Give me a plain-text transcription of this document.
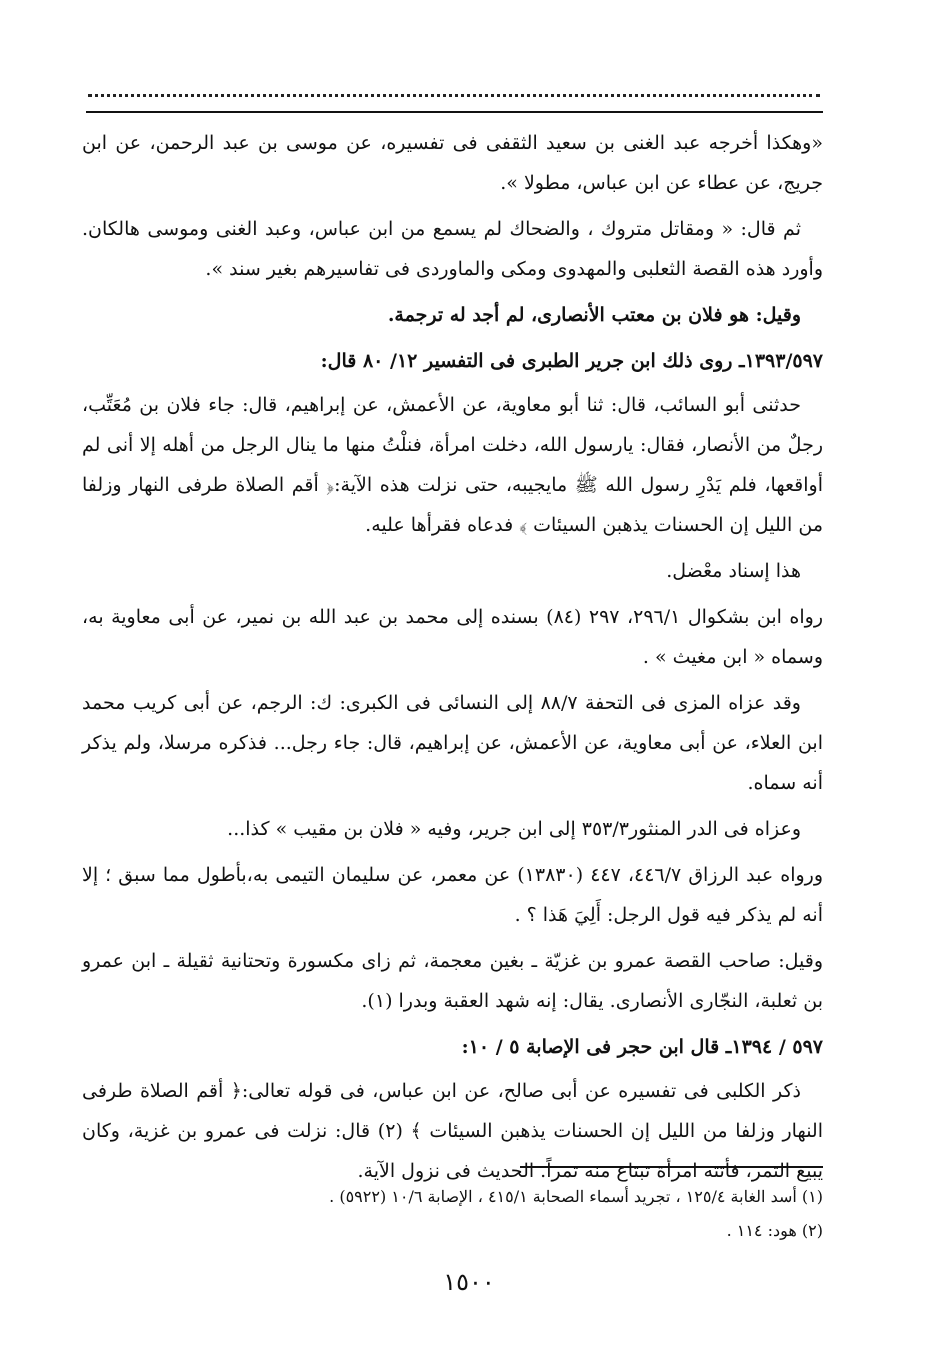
«وهكذا أخرجه عبد الغنى بن سعيد الثقفى فى تفسيره، عن موسى بن عبد الرحمن، عن ابن جريج، عن عطاء عن ابن عباس، مطولا ».

ثم قال: « ومقاتل متروك ، والضحاك لم يسمع من ابن عباس، وعبد الغنى وموسى هالكان. وأورد هذه القصة الثعلبى والمهدوى ومكى والماوردى فى تفاسيرهم بغير سند ».

وقيل: هو فلان بن معتب الأنصارى، لم أجد له ترجمة.

١٣٩٣/٥٩٧ـ روى ذلك ابن جرير الطبرى فى التفسير ١٢/ ٨٠ قال:

حدثنى أبو السائب، قال: ثنا أبو معاوية، عن الأعمش، عن إبراهيم، قال: جاء فلان بن مُعَتِّب، رجلٌ من الأنصار، فقال: يارسول الله، دخلت امرأة، فنلْتُ منها ما ينال الرجل من أهله إلا أنى لم أواقعها، فلم يَدْرِ رسول الله ﷺ مايجيبه، حتى نزلت هذه الآية:﴿ أقم الصلاة طرفى النهار وزلفا من الليل إن الحسنات يذهبن السيئات ﴾ فدعاه فقرأها عليه.

هذا إسناد معْضل.

رواه ابن بشكوال ٢٩٦/١، ٢٩٧ (٨٤) بسنده إلى محمد بن عبد الله بن نمير، عن أبى معاوية به، وسماه « ابن مغيث » .

وقد عزاه المزى فى التحفة ٨٨/٧ إلى النسائى فى الكبرى: ك: الرجم، عن أبى كريب محمد ابن العلاء، عن أبى معاوية، عن الأعمش، عن إبراهيم، قال: جاء رجل... فذكره مرسلا، ولم يذكر أنه سماه.

وعزاه فى الدر المنثور٣٥٣/٣ إلى ابن جرير، وفيه « فلان بن مقيب » كذا...

ورواه عبد الرزاق ٤٤٦/٧، ٤٤٧ (١٣٨٣٠) عن معمر، عن سليمان التيمى به،بأطول مما سبق ؛ إلا أنه لم يذكر فيه قول الرجل: أَلِيَ هَذا ؟ .

وقيل: صاحب القصة عمرو بن غزيّة ـ بغين معجمة، ثم زاى مكسورة وتحتانية ثقيلة ـ ابن عمرو بن ثعلبة، النجّارى الأنصارى. يقال: إنه شهد العقبة وبدرا (١).

٥٩٧ / ١٣٩٤ـ قال ابن حجر فى الإصابة ٥ / ١٠:

ذكر الكلبى فى تفسيره عن أبى صالح، عن ابن عباس، فى قوله تعالى:﴿ أقم الصلاة طرفى النهار وزلفا من الليل إن الحسنات يذهبن السيئات ﴾ (٢) قال: نزلت فى عمرو بن غزية، وكان يبيع التمر، فأتته امرأة تبتاع منه تمراً. الحديث فى نزول الآية.

(١) أسد الغابة ١٢٥/٤ ، تجريد أسماء الصحابة ٤١٥/١ ، الإصابة ١٠/٦ (٥٩٢٢) .

(٢) هود: ١١٤ .

١٥٠٠
